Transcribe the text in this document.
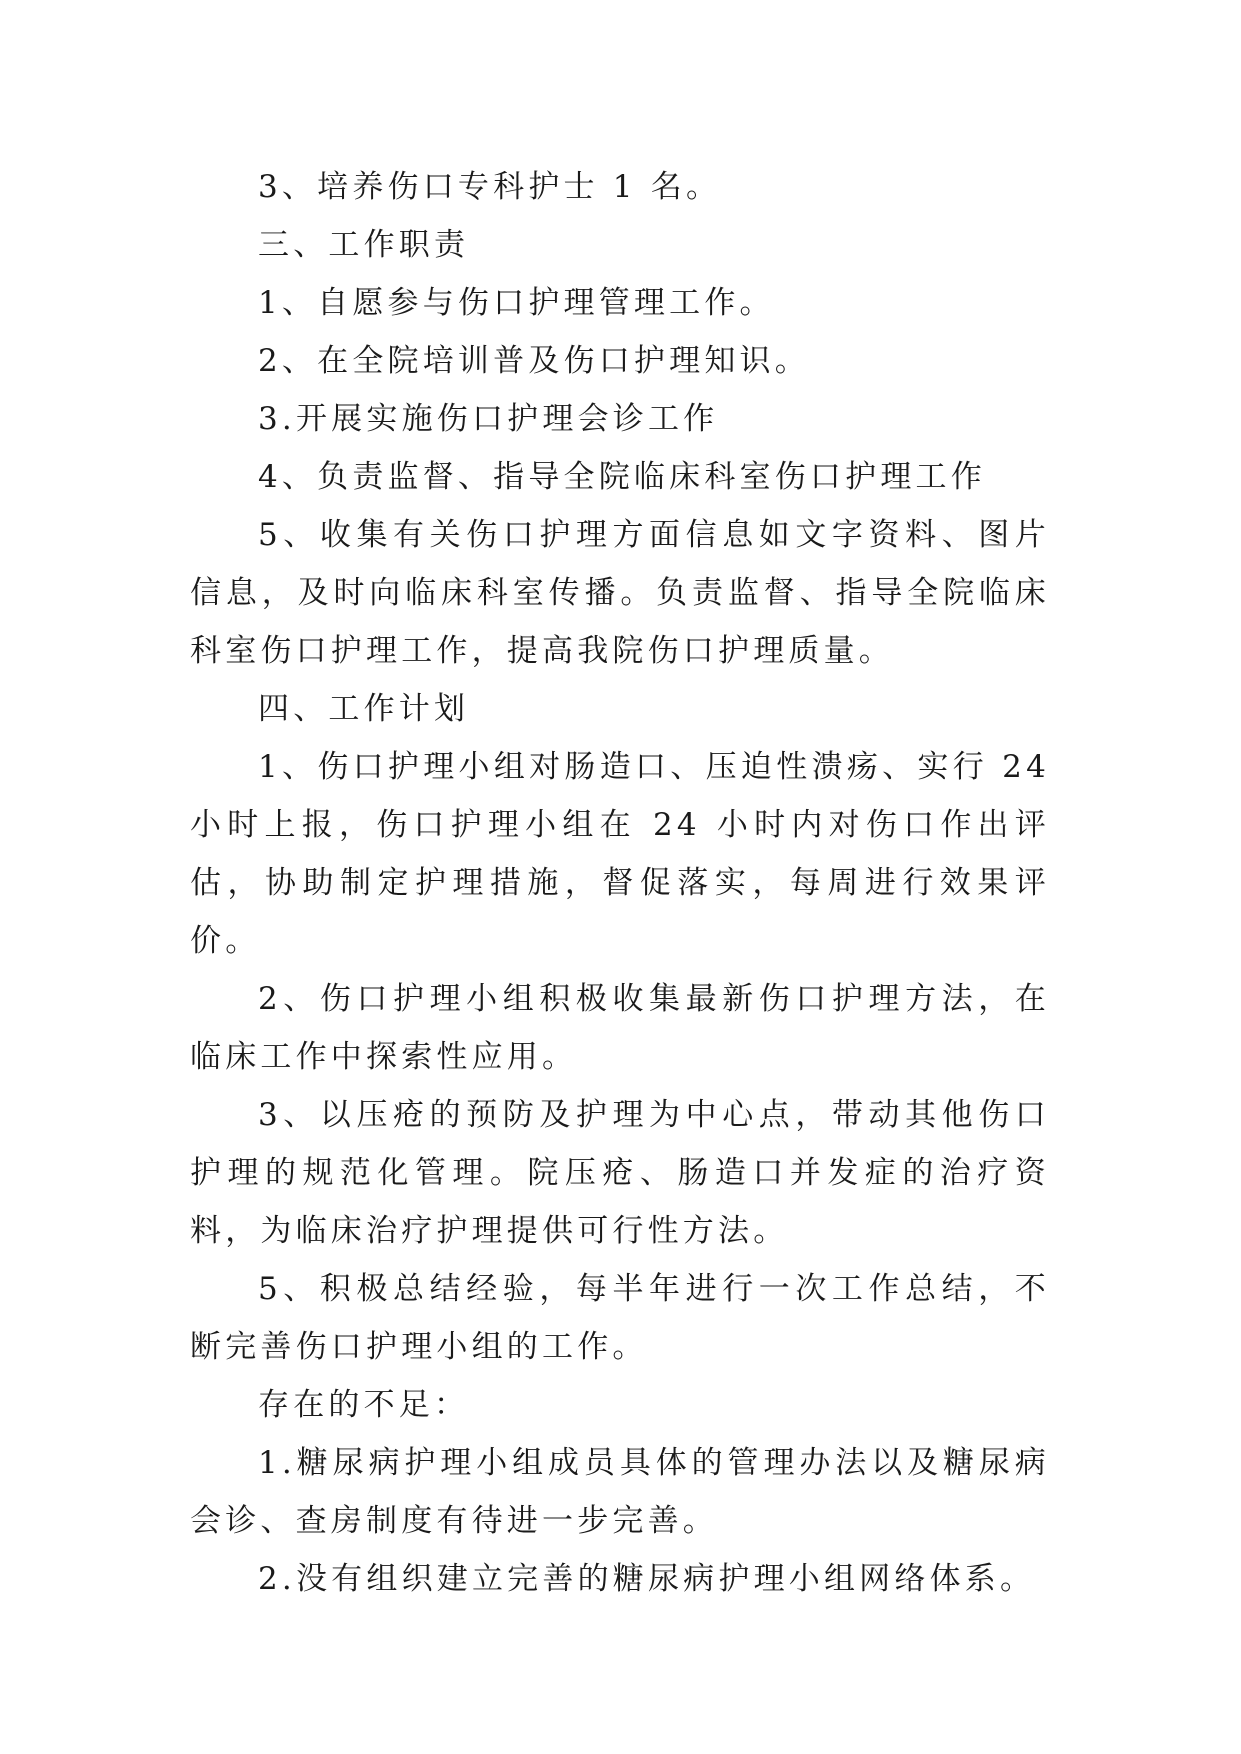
3、培养伤口专科护士 1 名。

三、工作职责

1、自愿参与伤口护理管理工作。

2、在全院培训普及伤口护理知识。

3.开展实施伤口护理会诊工作

4、负责监督、指导全院临床科室伤口护理工作

5、收集有关伤口护理方面信息如文字资料、图片信息，及时向临床科室传播。负责监督、指导全院临床科室伤口护理工作，提高我院伤口护理质量。

四、工作计划

1、伤口护理小组对肠造口、压迫性溃疡、实行 24 小时上报，伤口护理小组在 24 小时内对伤口作出评估，协助制定护理措施，督促落实，每周进行效果评价。

2、伤口护理小组积极收集最新伤口护理方法，在临床工作中探索性应用。

3、以压疮的预防及护理为中心点，带动其他伤口护理的规范化管理。院压疮、肠造口并发症的治疗资料，为临床治疗护理提供可行性方法。

5、积极总结经验，每半年进行一次工作总结，不断完善伤口护理小组的工作。

存在的不足：

1.糖尿病护理小组成员具体的管理办法以及糖尿病会诊、查房制度有待进一步完善。

2.没有组织建立完善的糖尿病护理小组网络体系。
